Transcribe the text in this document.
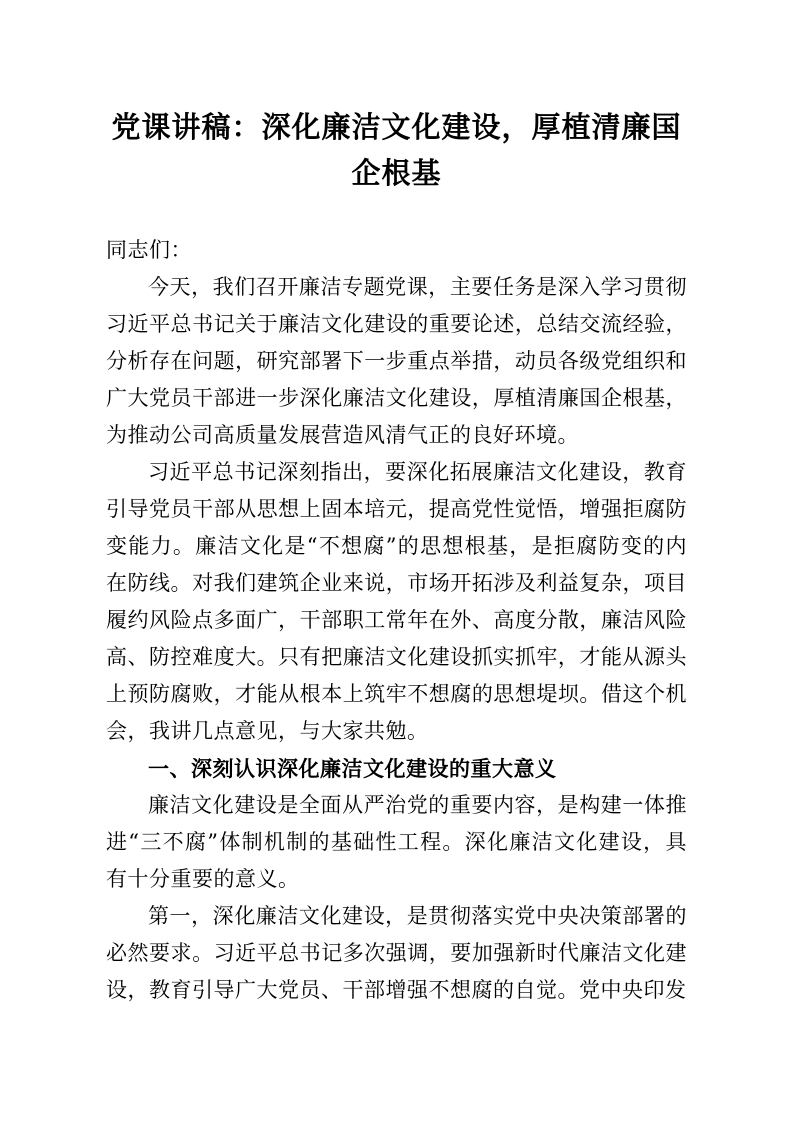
党课讲稿：深化廉洁文化建设，厚植清廉国企根基

同志们：

今天，我们召开廉洁专题党课，主要任务是深入学习贯彻习近平总书记关于廉洁文化建设的重要论述，总结交流经验，分析存在问题，研究部署下一步重点举措，动员各级党组织和广大党员干部进一步深化廉洁文化建设，厚植清廉国企根基，为推动公司高质量发展营造风清气正的良好环境。

习近平总书记深刻指出，要深化拓展廉洁文化建设，教育引导党员干部从思想上固本培元，提高党性觉悟，增强拒腐防变能力。廉洁文化是“不想腐”的思想根基，是拒腐防变的内在防线。对我们建筑企业来说，市场开拓涉及利益复杂，项目履约风险点多面广，干部职工常年在外、高度分散，廉洁风险高、防控难度大。只有把廉洁文化建设抓实抓牢，才能从源头上预防腐败，才能从根本上筑牢不想腐的思想堤坝。借这个机会，我讲几点意见，与大家共勉。

一、深刻认识深化廉洁文化建设的重大意义

廉洁文化建设是全面从严治党的重要内容，是构建一体推进“三不腐”体制机制的基础性工程。深化廉洁文化建设，具有十分重要的意义。

第一，深化廉洁文化建设，是贯彻落实党中央决策部署的必然要求。习近平总书记多次强调，要加强新时代廉洁文化建设，教育引导广大党员、干部增强不想腐的自觉。党中央印发
